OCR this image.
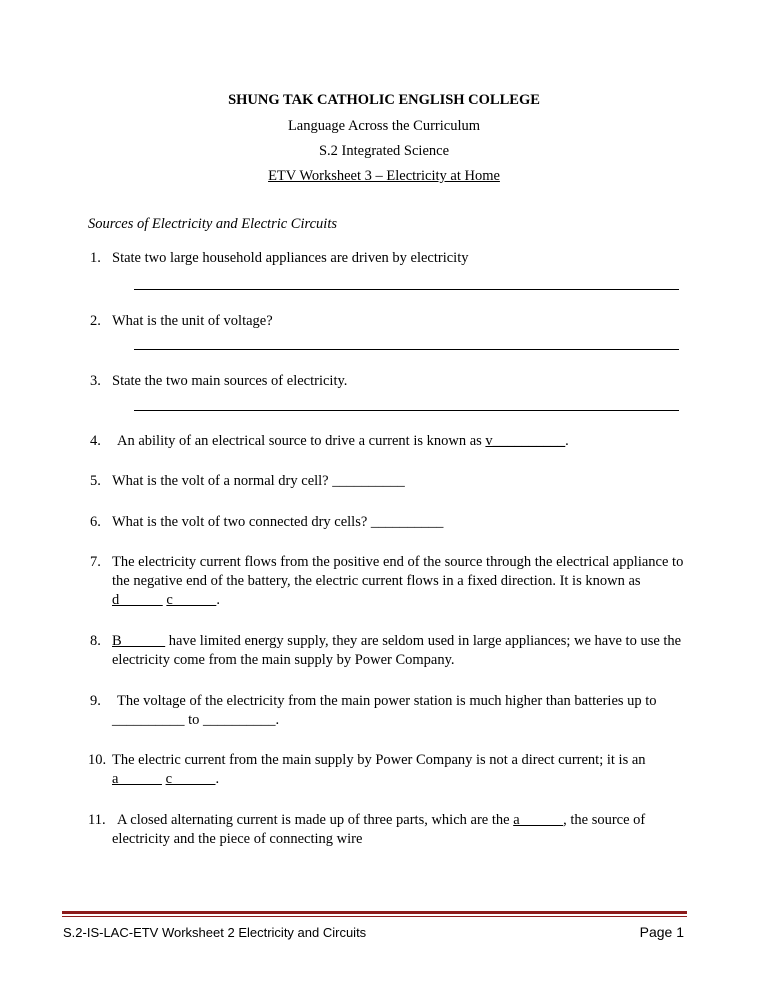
SHUNG TAK CATHOLIC ENGLISH COLLEGE
Language Across the Curriculum
S.2 Integrated Science
ETV Worksheet 3 – Electricity at Home
Sources of Electricity and Electric Circuits
1. State two large household appliances are driven by electricity
2. What is the unit of voltage?
3. State the two main sources of electricity.
4.	An ability of an electrical source to drive a current is known as v__________.
5. What is the volt of a normal dry cell? __________
6. What is the volt of two connected dry cells? __________
7. The electricity current flows from the positive end of the source through the electrical appliance to the negative end of the battery, the electric current flows in a fixed direction. It is known as d             c            .
8. B             have limited energy supply, they are seldom used in large appliances; we have to use the electricity come from the main supply by Power Company.
9.	The voltage of the electricity from the main power station is much higher than batteries up to __________ to __________.
10. The electric current from the main supply by Power Company is not a direct current; it is an a             c            .
11. A closed alternating current is made up of three parts, which are the a            , the source of electricity and the piece of connecting wire
S.2-IS-LAC-ETV Worksheet 2 Electricity and Circuits	Page 1
